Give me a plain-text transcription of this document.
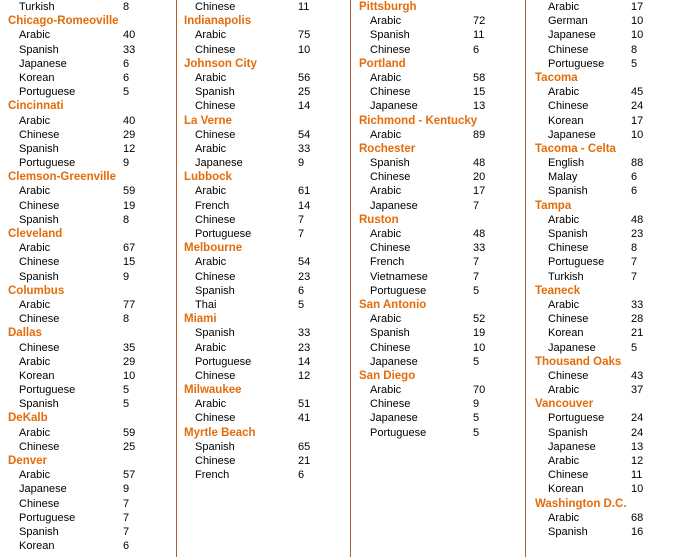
Turkish	8
Chicago-Romeoville
Arabic	40
Spanish	33
Japanese	6
Korean	6
Portuguese	5
Cincinnati
Arabic	40
Chinese	29
Spanish	12
Portuguese	9
Clemson-Greenville
Arabic	59
Chinese	19
Spanish	8
Cleveland
Arabic	67
Chinese	15
Spanish	9
Columbus
Arabic	77
Chinese	8
Dallas
Chinese	35
Arabic	29
Korean	10
Portuguese	5
Spanish	5
DeKalb
Arabic	59
Chinese	25
Denver
Arabic	57
Japanese	9
Chinese	7
Portuguese	7
Spanish	7
Korean	6
Chinese	11
Indianapolis
Arabic	75
Chinese	10
Johnson City
Arabic	56
Spanish	25
Chinese	14
La Verne
Chinese	54
Arabic	33
Japanese	9
Lubbock
Arabic	61
French	14
Chinese	7
Portuguese	7
Melbourne
Arabic	54
Chinese	23
Spanish	6
Thai	5
Miami
Spanish	33
Arabic	23
Portuguese	14
Chinese	12
Milwaukee
Arabic	51
Chinese	41
Myrtle Beach
Spanish	65
Chinese	21
French	6
Pittsburgh
Arabic	72
Spanish	11
Chinese	6
Portland
Arabic	58
Chinese	15
Japanese	13
Richmond - Kentucky
Arabic	89
Rochester
Spanish	48
Chinese	20
Arabic	17
Japanese	7
Ruston
Arabic	48
Chinese	33
French	7
Vietnamese	7
Portuguese	5
San Antonio
Arabic	52
Spanish	19
Chinese	10
Japanese	5
San Diego
Arabic	70
Chinese	9
Japanese	5
Portuguese	5
Arabic	17
German	10
Japanese	10
Chinese	8
Portuguese 5
Tacoma
Arabic	45
Chinese	24
Korean	17
Japanese	10
Tacoma - Celta
English	88
Malay	6
Spanish	6
Tampa
Arabic	48
Spanish	23
Chinese	8
Portuguese 7
Turkish	7
Teaneck
Arabic	33
Chinese	28
Korean	21
Japanese	5
Thousand Oaks
Chinese	43
Arabic	37
Vancouver
Portuguese 24
Spanish	24
Japanese	13
Arabic	12
Chinese	11
Korean	10
Washington D.C.
Arabic	68
Spanish	16
